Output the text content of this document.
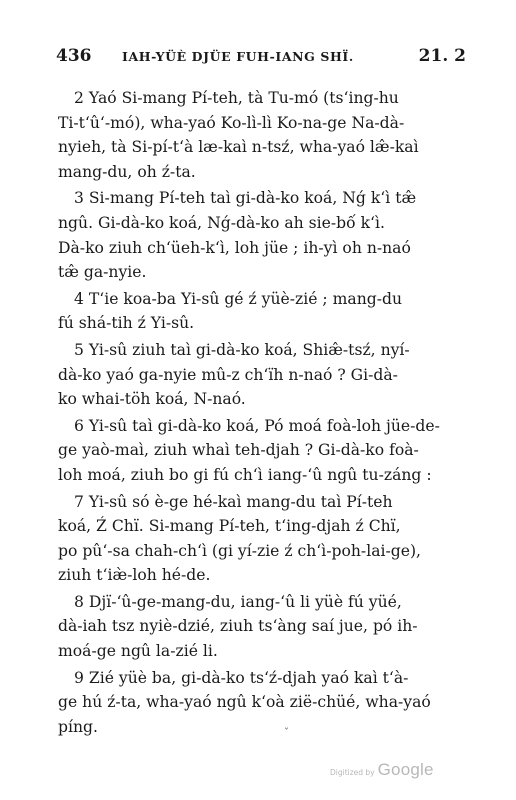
436	IAH-YÜÈ DJÜE FUH-IANG SHÏ.	21. 2
2 Yaó Si-mang Pí-teh, tà Tu-mó (ts‘ing-hu
Ti-t‘û‘-mó), wha-yaó Ko-lì-lì Ko-na-ge Na-dà-
nyieh, tà Si-pí-t‘à læ-kaì n-tsź, wha-yaó læ̂-kaì
mang-du, oh ź-ta.
3 Si-mang Pí-teh taì gi-dà-ko koá, Nǵ k‘ì tæ̂
ngû. Gi-dà-ko koá, Nǵ-dà-ko ah sie-bố k‘ì.
Dà-ko ziuh ch‘üeh-k‘ì, loh jüe ; ih-yì oh n-naó
tæ̂ ga-nyie.
4 T‘ie koa-ba Yi-sû gé ź yüè-zié ; mang-du
fú shá-tih ź Yi-sû.
5 Yi-sû ziuh taì gi-dà-ko koá, Shiæ̂-tsź, nyí-
dà-ko yaó ga-nyie mû-z ch‘ïh n-naó ? Gi-dà-
ko whai-töh koá, N-naó.
6 Yi-sû taì gi-dà-ko koá, Pó moá foà-loh jüe-de-
ge yaò-maì, ziuh whaì teh-djah ? Gi-dà-ko foà-
loh moá, ziuh bo gi fú ch‘ì iang-‘û ngû tu-záng :
7 Yi-sû só è-ge hé-kaì mang-du taì Pí-teh
koá, Ź Chï. Si-mang Pí-teh, t‘ing-djah ź Chï,
po pû‘-sa chah-ch‘ì (gi yí-zie ź ch‘ì-poh-lai-ge),
ziuh t‘iæ̀-loh hé-de.
8 Djï-‘û-ge-mang-du, iang-‘û li yüè fú yüé,
dà-iah tsz nyiè-dzié, ziuh ts‘àng saí jue, pó ih-
moá-ge ngû la-zié li.
9 Zié yüè ba, gi-dà-ko ts‘ź-djah yaó kaì t‘à-
ge hú ź-ta, wha-yaó ngû k‘oà zië-chüé, wha-yaó
píng.	ˇ
Digitized by Google
